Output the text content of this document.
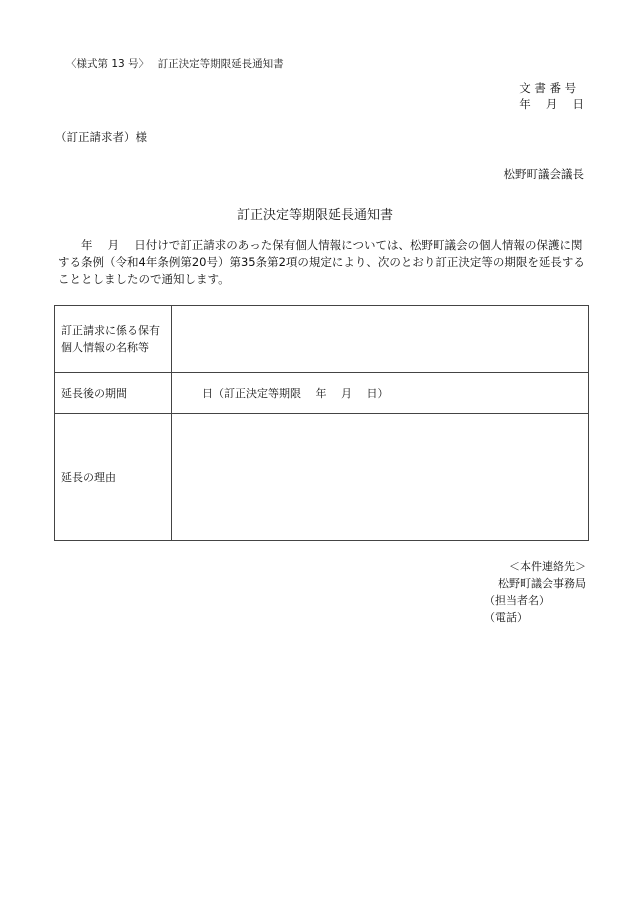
〈様式第 13 号〉　 訂正決定等期限延長通知書
文 書 番 号
年　 月　 日
（訂正請求者）様
松野町議会議長
訂正決定等期限延長通知書
　　年　 月　 日付けで訂正請求のあった保有個人情報については、松野町議会の個人情報の保護に関する条例（令和4年条例第20号）第35条第2項の規定により、次のとおり訂正決定等の期限を延長することとしましたので通知します。
訂正請求に係る保有個人情報の名称等	
延長後の期間	日（訂正決定等期限　 年　 月　 日）
延長の理由	
＜本件連絡先＞
松野町議会事務局
（担当者名）
（電話）
